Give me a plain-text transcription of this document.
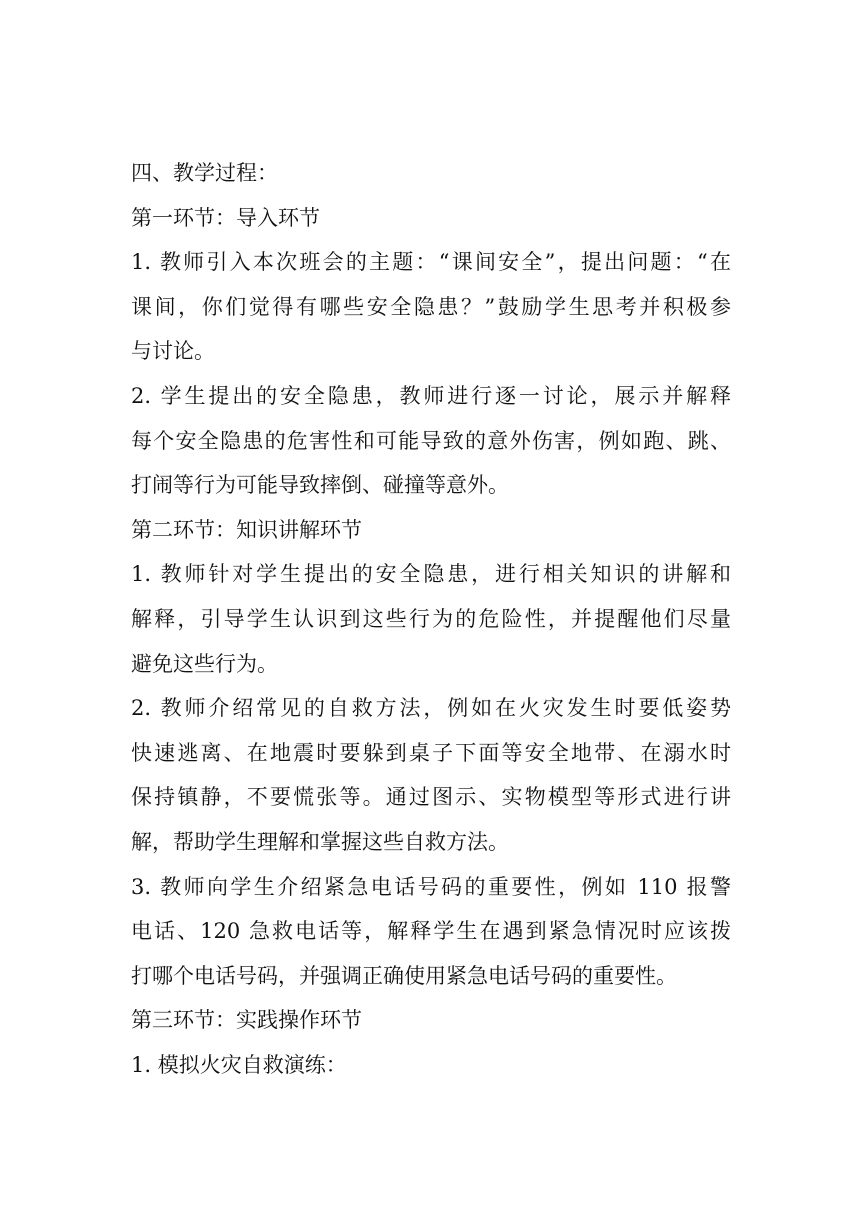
四、教学过程：
第一环节：导入环节
1. 教师引入本次班会的主题：“课间安全”，提出问题：“在
课间，你们觉得有哪些安全隐患？”鼓励学生思考并积极参
与讨论。
2. 学生提出的安全隐患，教师进行逐一讨论，展示并解释
每个安全隐患的危害性和可能导致的意外伤害，例如跑、跳、
打闹等行为可能导致摔倒、碰撞等意外。
第二环节：知识讲解环节
1. 教师针对学生提出的安全隐患，进行相关知识的讲解和
解释，引导学生认识到这些行为的危险性，并提醒他们尽量
避免这些行为。
2. 教师介绍常见的自救方法，例如在火灾发生时要低姿势
快速逃离、在地震时要躲到桌子下面等安全地带、在溺水时
保持镇静，不要慌张等。通过图示、实物模型等形式进行讲
解，帮助学生理解和掌握这些自救方法。
3. 教师向学生介绍紧急电话号码的重要性，例如 110 报警
电话、120 急救电话等，解释学生在遇到紧急情况时应该拨
打哪个电话号码，并强调正确使用紧急电话号码的重要性。
第三环节：实践操作环节
1. 模拟火灾自救演练：
